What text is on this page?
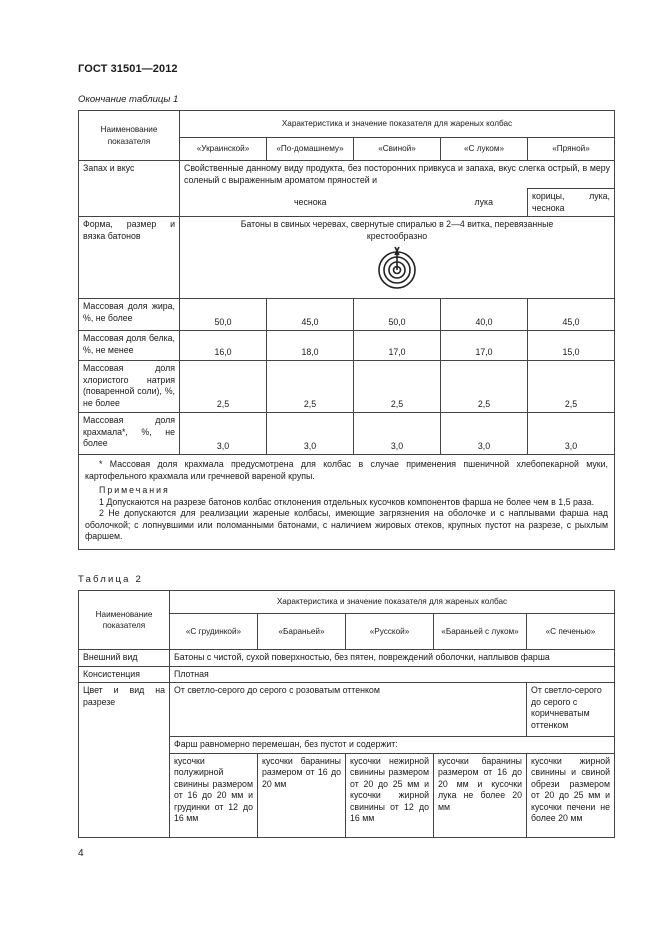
ГОСТ 31501—2012
Окончание таблицы 1
Наименование показателя	Характеристика и значение показателя для жареных колбас				
	«Украинской»	«По-домашнему»	«Свиной»	«С луком»	«Пряной»
Запах и вкус	Свойственные данному виду продукта, без посторонних привкуса и запаха, вкус слегка острый, в меру соленый с выраженным ароматом пряностей и				
	чеснока			лука	корицы, лука, чеснока
Форма, размер и вязка батонов	Батоны в свиных черевах, свернутые спиралью в 2—4 витка, перевязанные крестообразно				

Массовая доля жира, %, не более	50,0	45,0	50,0	40,0	45,0
Массовая доля белка, %, не менее	16,0	18,0	17,0	17,0	15,0
Массовая доля хлористого натрия (поваренной соли), %, не более	2,5	2,5	2,5	2,5	2,5
Массовая доля крахмала*, %, не более	3,0	3,0	3,0	3,0	3,0

* Массовая доля крахмала предусмотрена для колбас в случае применения пшеничной хлебопекарной муки, картофельного крахмала или гречневой вареной крупы.

Примечания

1 Допускаются на разрезе батонов колбас отклонения отдельных кусочков компонентов фарша не более чем в 1,5 раза.

2 Не допускаются для реализации жареные колбасы, имеющие загрязнения на оболочке и с наплывами фарша над оболочкой; с лопнувшими или поломанными батонами, с наличием жировых отеков, крупных пустот на разрезе, с рыхлым фаршем.					

Таблица 2
Наименование показателя	Характеристика и значение показателя для жареных колбас				
	«С грудинкой»	«Бараньей»	«Русской»	«Бараньей с луком»	«С печенью»
Внешний вид	Батоны с чистой, сухой поверхностью, без пятен, повреждений оболочки, наплывов фарша				
Консистенция	Плотная				
Цвет и вид на разрезе	От светло-серого до серого с розоватым оттенком				От светло-серого до серого с коричневатым оттенком
	Фарш равномерно перемешан, без пустот и содержит:				
	кусочки полужирной свинины размером от 16 до 20 мм и грудинки от 12 до 16 мм	кусочки баранины размером от 16 до 20 мм	кусочки нежирной свинины размером от 20 до 25 мм и кусочки жирной свинины от 12 до 16 мм	кусочки баранины размером от 16 до 20 мм и кусочки лука не более 20 мм	кусочки жирной свинины и свиной обрези размером от 20 до 25 мм и кусочки печени не более 20 мм
4
